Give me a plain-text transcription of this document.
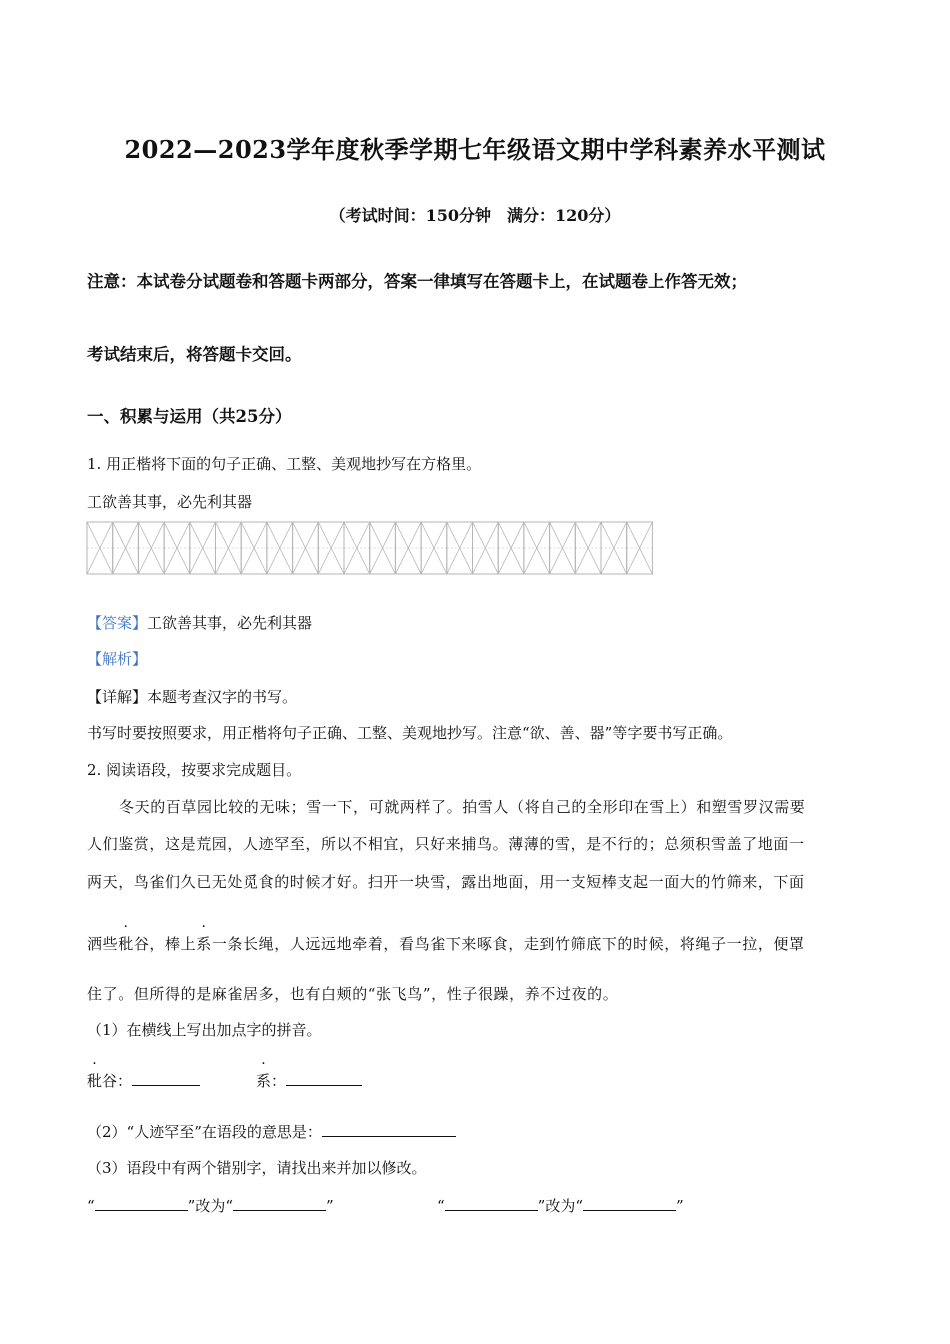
2022—2023学年度秋季学期七年级语文期中学科素养水平测试
（考试时间：150分钟　满分：120分）
注意：本试卷分试题卷和答题卡两部分，答案一律填写在答题卡上，在试题卷上作答无效；
考试结束后，将答题卡交回。
一、积累与运用（共25分）
1. 用正楷将下面的句子正确、工整、美观地抄写在方格里。
工欲善其事，必先利其器
【答案】工欲善其事，必先利其器
【解析】
【详解】本题考查汉字的书写。
书写时要按照要求，用正楷将句子正确、工整、美观地抄写。注意“欲、善、器”等字要书写正确。
2. 阅读语段，按要求完成题目。
冬天的百草园比较的无味；雪一下，可就两样了。拍雪人（将自己的全形印在雪上）和塑雪罗汉需要
人们鉴赏，这是荒园，人迹罕至，所以不相宜，只好来捕鸟。薄薄的雪，是不行的；总须积雪盖了地面一
两天，鸟雀们久已无处觅食的时候才好。扫开一块雪，露出地面，用一支短棒支起一面大的竹筛来，下面
洒些秕谷，棒上系一条长绳，人远远地牵着，看鸟雀下来啄食，走到竹筛底下的时候，将绳子一拉，便罩
住了。但所得的是麻雀居多，也有白颊的“张飞鸟”，性子很躁，养不过夜的。
（1）在横线上写出加点字的拼音。
秕谷：	系：
（2）“人迹罕至”在语段的意思是：
（3）语段中有两个错别字，请找出来并加以修改。
“	”改为“	”	“	”改为“	”
